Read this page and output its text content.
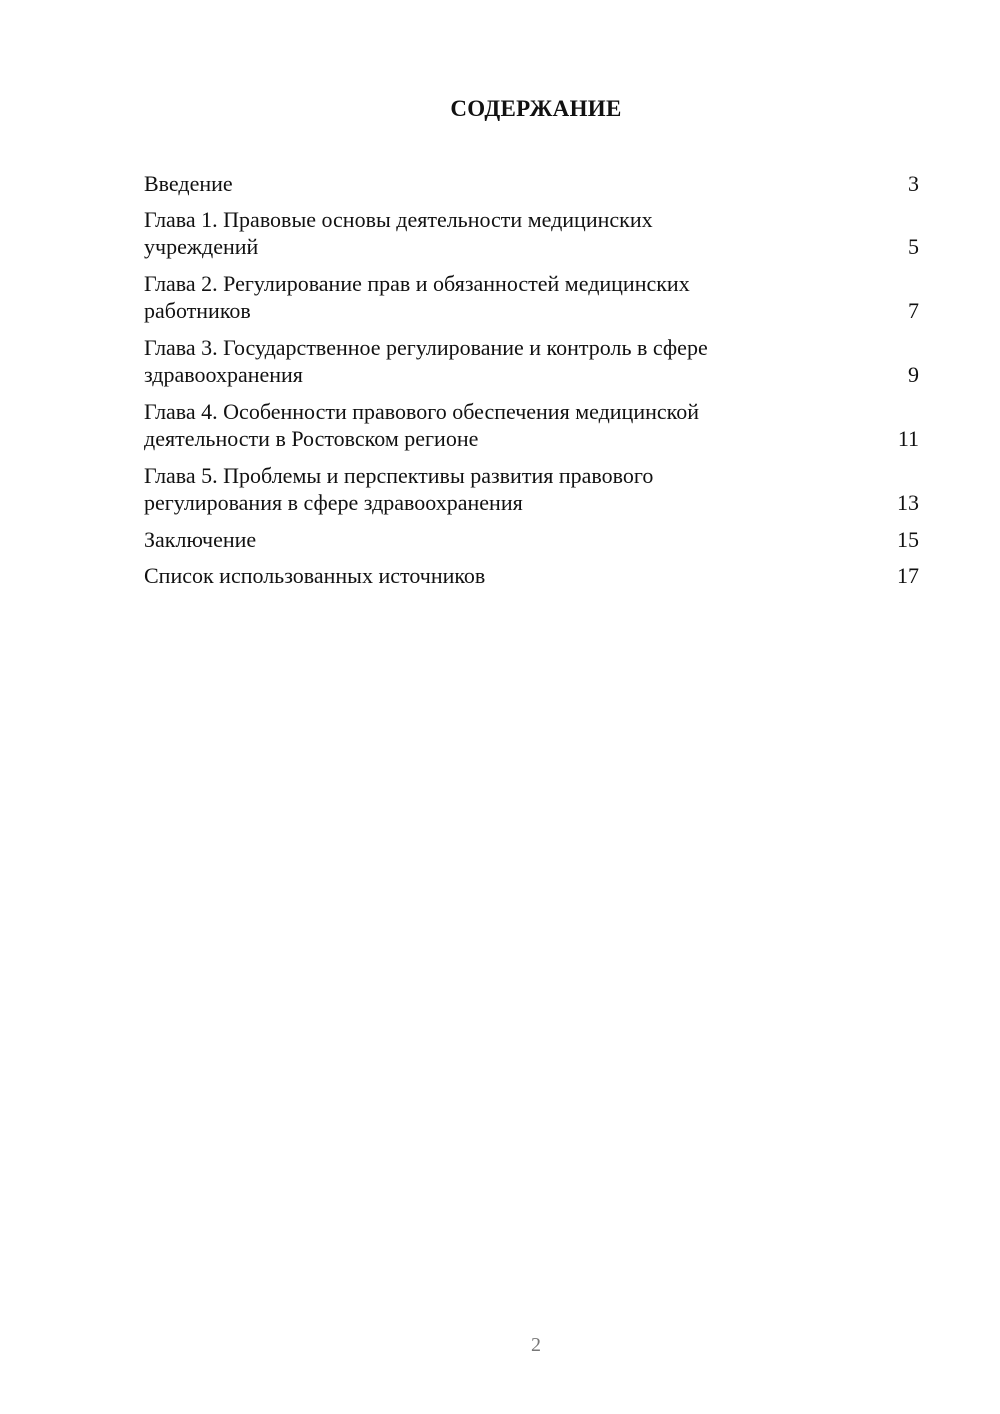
СОДЕРЖАНИЕ
Введение	3
Глава 1. Правовые основы деятельности медицинских
учреждений	5
Глава 2. Регулирование прав и обязанностей медицинских
работников	7
Глава 3. Государственное регулирование и контроль в сфере
здравоохранения	9
Глава 4. Особенности правового обеспечения медицинской
деятельности в Ростовском регионе	11
Глава 5. Проблемы и перспективы развития правового
регулирования в сфере здравоохранения	13
Заключение	15
Список использованных источников	17
2
